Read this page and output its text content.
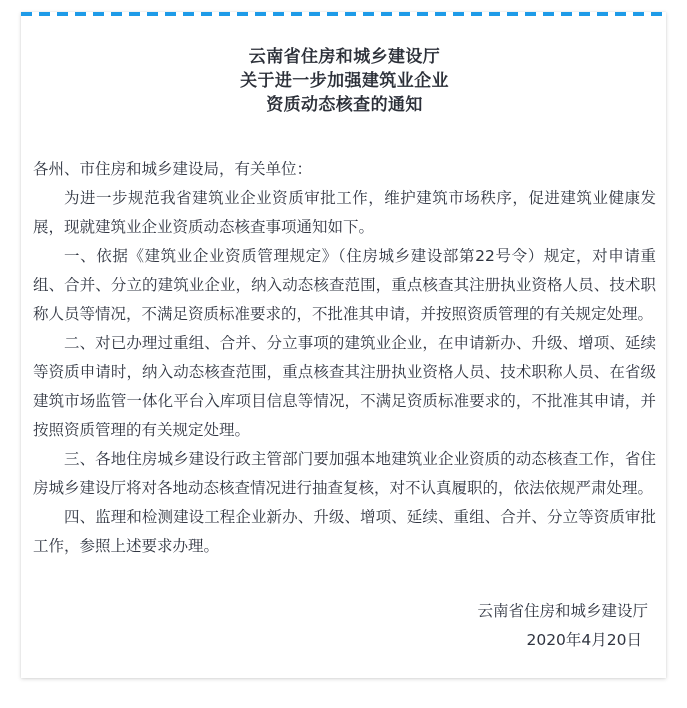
云南省住房和城乡建设厅
关于进一步加强建筑业企业
资质动态核查的通知

各州、市住房和城乡建设局，有关单位：

为进一步规范我省建筑业企业资质审批工作，维护建筑市场秩序，促进建筑业健康发展，现就建筑业企业资质动态核查事项通知如下。

一、依据《建筑业企业资质管理规定》（住房城乡建设部第22号令）规定，对申请重组、合并、分立的建筑业企业，纳入动态核查范围，重点核查其注册执业资格人员、技术职称人员等情况，不满足资质标准要求的，不批准其申请，并按照资质管理的有关规定处理。

二、对已办理过重组、合并、分立事项的建筑业企业，在申请新办、升级、增项、延续等资质申请时，纳入动态核查范围，重点核查其注册执业资格人员、技术职称人员、在省级建筑市场监管一体化平台入库项目信息等情况，不满足资质标准要求的，不批准其申请，并按照资质管理的有关规定处理。

三、各地住房城乡建设行政主管部门要加强本地建筑业企业资质的动态核查工作，省住房城乡建设厅将对各地动态核查情况进行抽查复核，对不认真履职的，依法依规严肃处理。

四、监理和检测建设工程企业新办、升级、增项、延续、重组、合并、分立等资质审批工作，参照上述要求办理。

云南省住房和城乡建设厅
2020年4月20日
